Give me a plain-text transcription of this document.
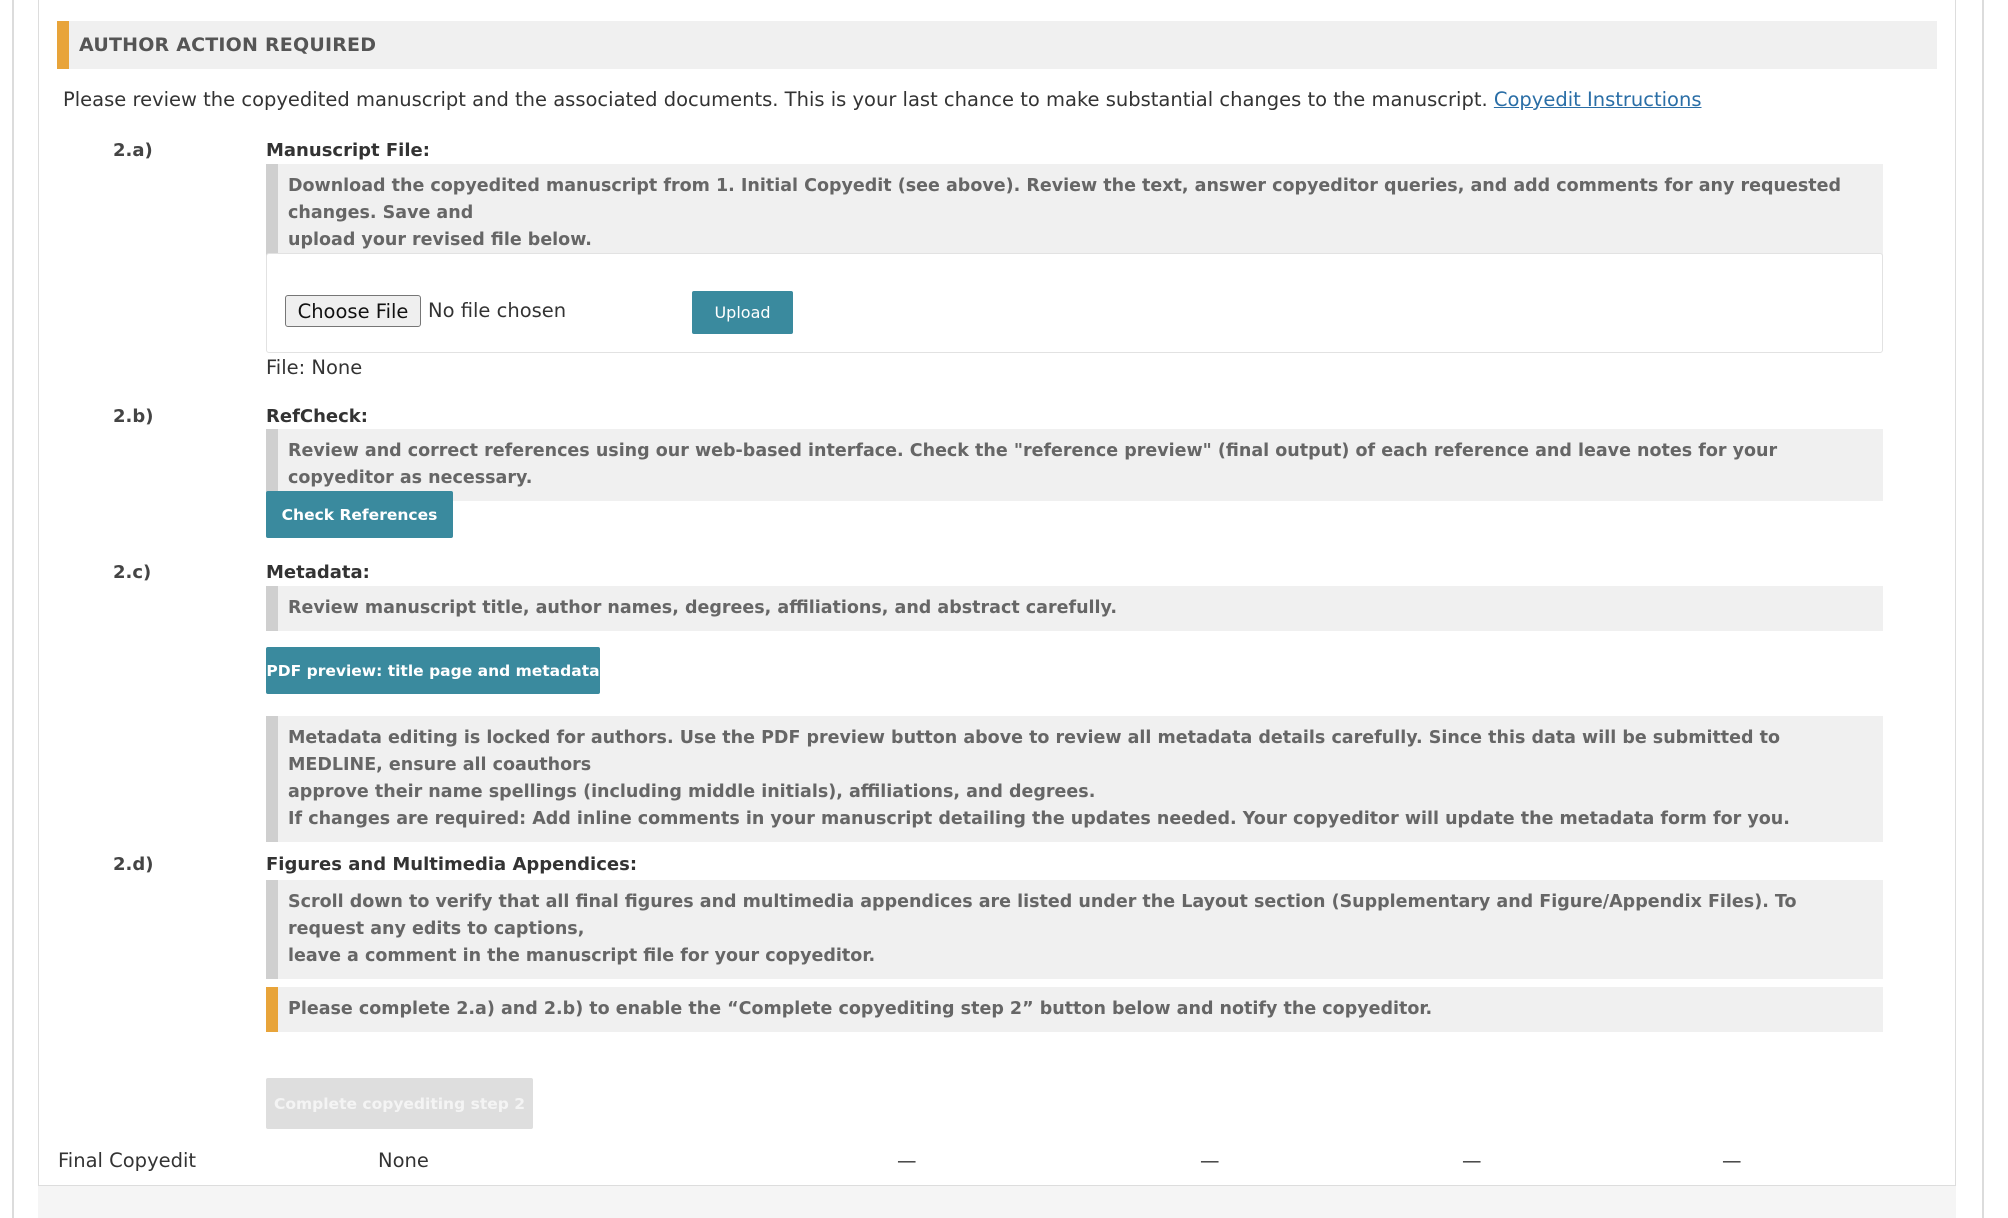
AUTHOR ACTION REQUIRED
Please review the copyedited manuscript and the associated documents. This is your last chance to make substantial changes to the manuscript. Copyedit Instructions
2.a)	Manuscript File:
Download the copyedited manuscript from 1. Initial Copyedit (see above). Review the text, answer copyeditor queries, and add comments for any requested changes. Save and
upload your revised file below.
Choose File	No file chosen	Upload
File: None
2.b)	RefCheck:
Review and correct references using our web-based interface. Check the "reference preview" (final output) of each reference and leave notes for your copyeditor as necessary.
Check References
2.c)	Metadata:
Review manuscript title, author names, degrees, affiliations, and abstract carefully.
PDF preview: title page and metadata
Metadata editing is locked for authors. Use the PDF preview button above to review all metadata details carefully. Since this data will be submitted to MEDLINE, ensure all coauthors
approve their name spellings (including middle initials), affiliations, and degrees.
If changes are required: Add inline comments in your manuscript detailing the updates needed. Your copyeditor will update the metadata form for you.
2.d)	Figures and Multimedia Appendices:
Scroll down to verify that all final figures and multimedia appendices are listed under the Layout section (Supplementary and Figure/Appendix Files). To request any edits to captions,
leave a comment in the manuscript file for your copyeditor.
Please complete 2.a) and 2.b) to enable the “Complete copyediting step 2” button below and notify the copyeditor.
Complete copyediting step 2
Final Copyedit	None	—	—	—	—
